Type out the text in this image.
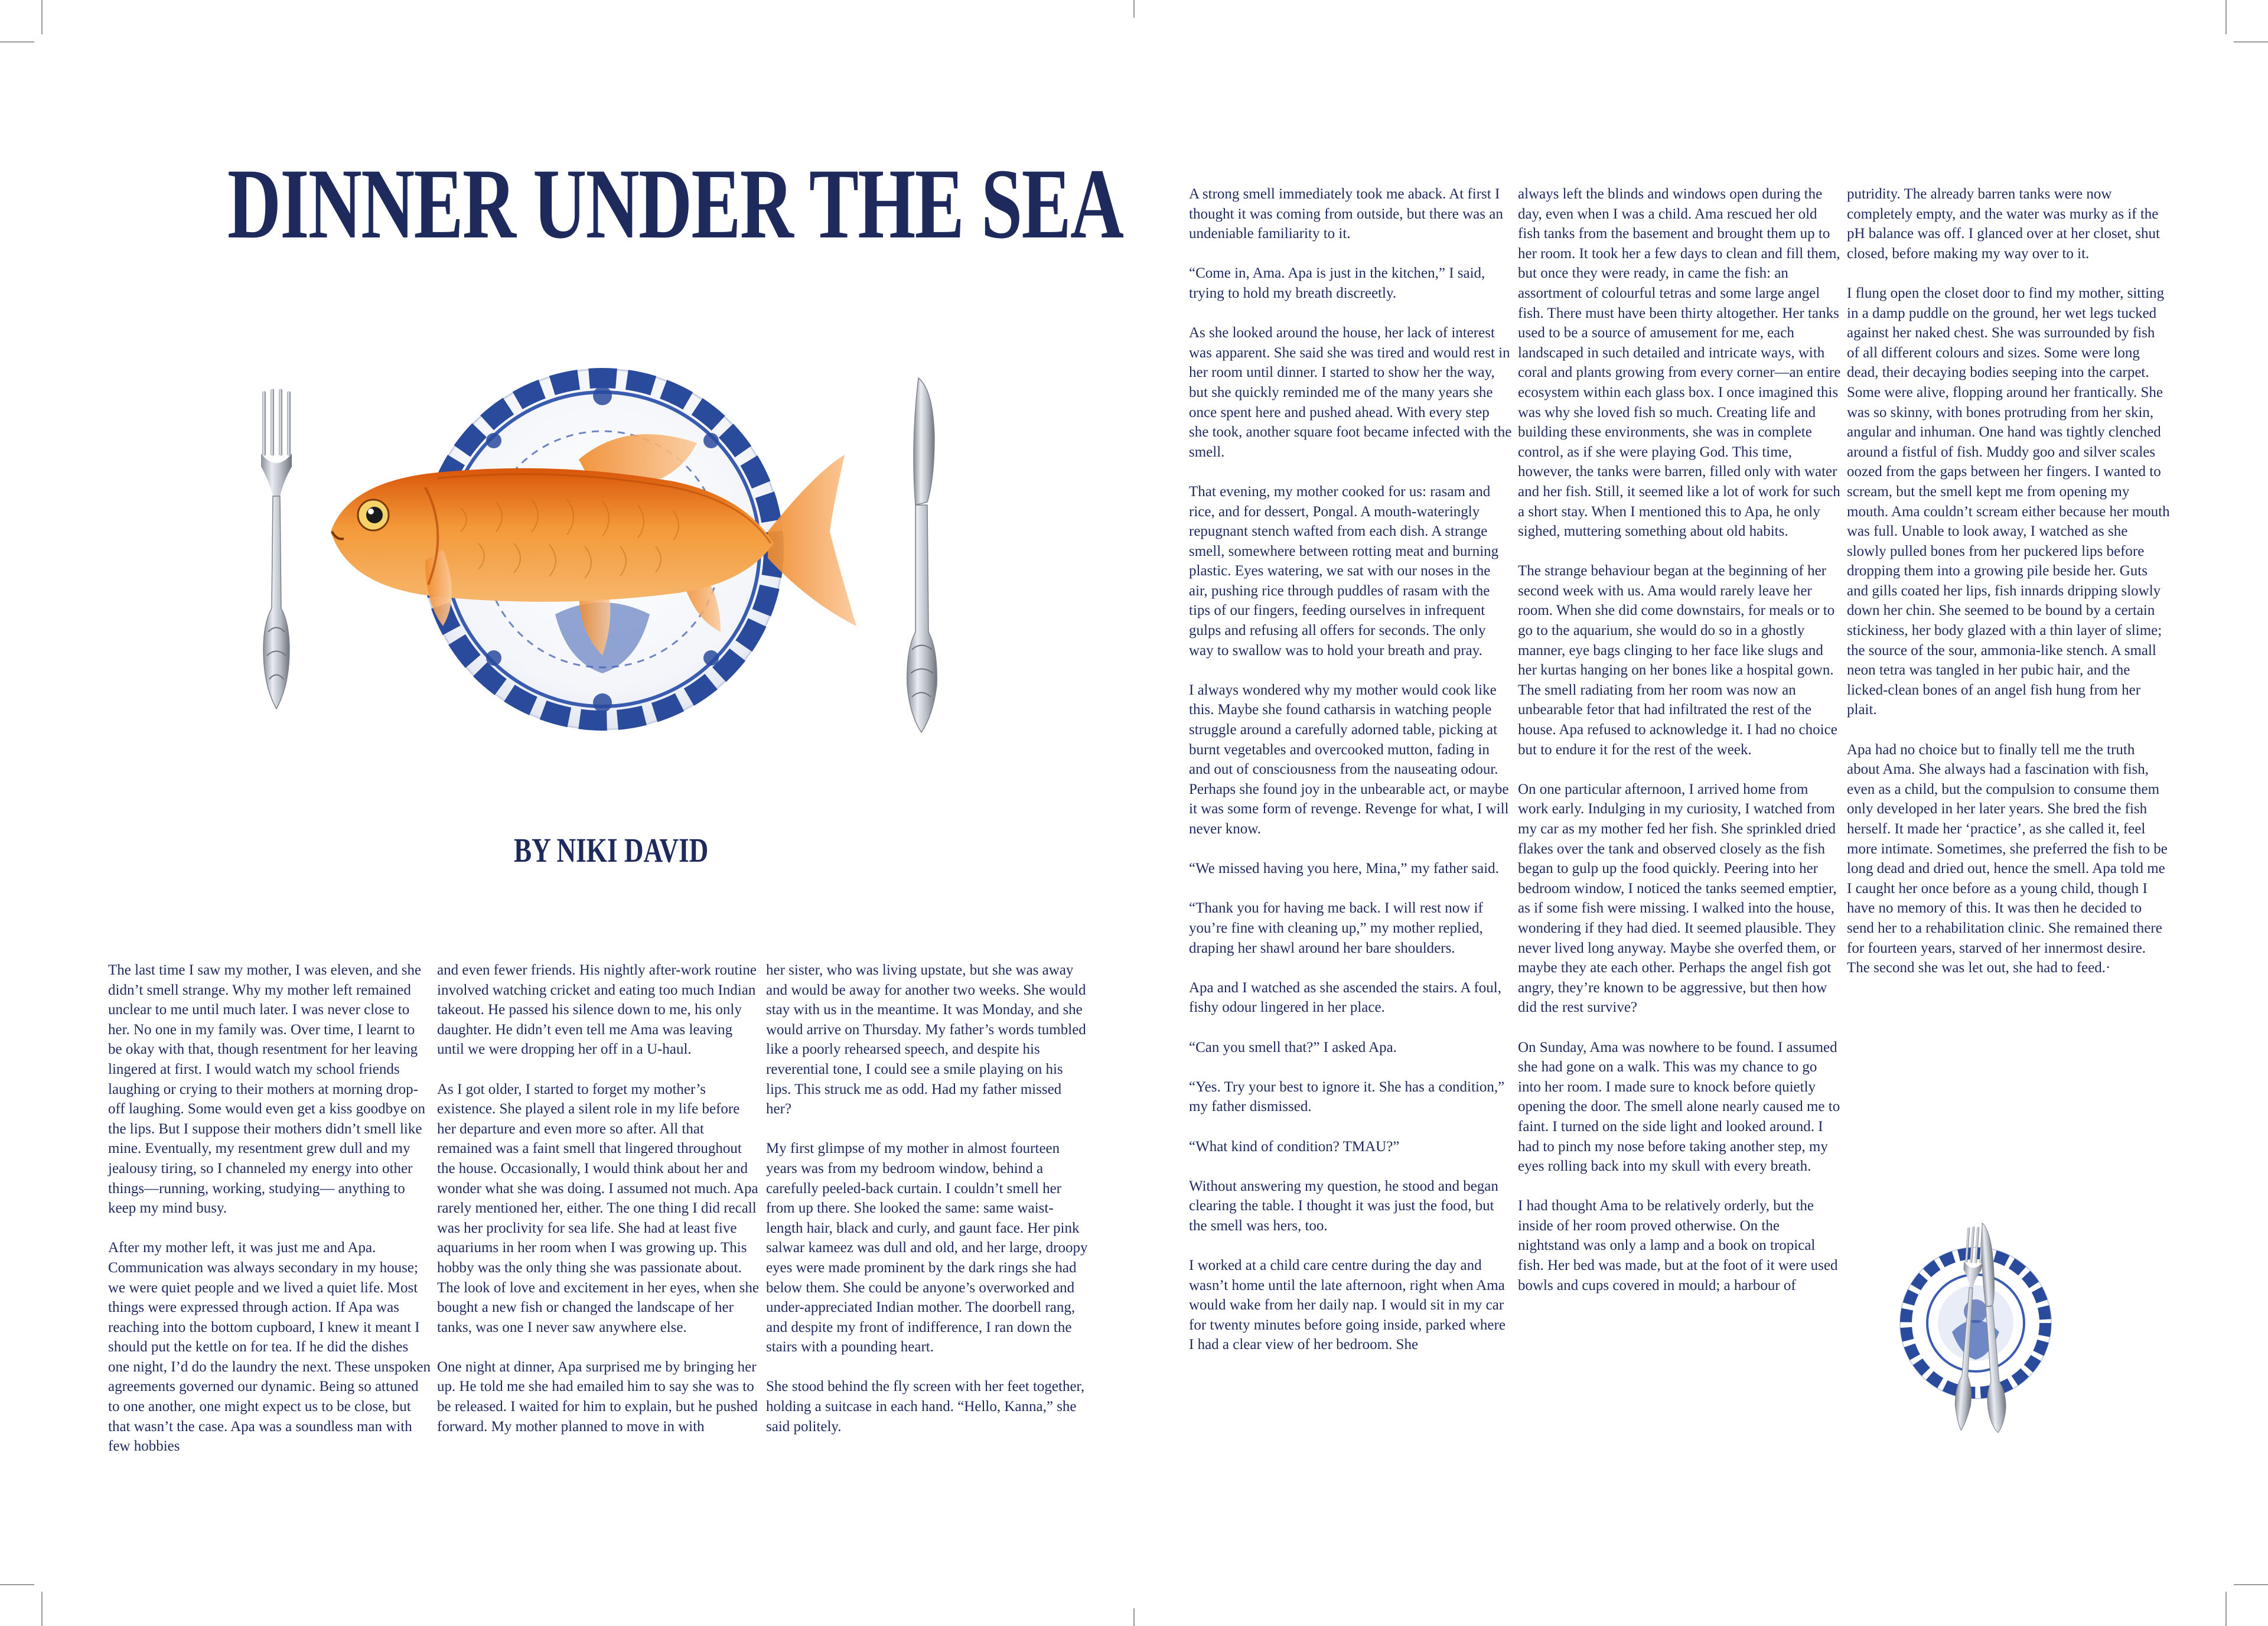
DINNER UNDER THE SEA
BY NIKI DAVID

The last time I saw my mother, I was eleven, and she didn’t smell strange. Why my mother left remained unclear to me until much later. I was never close to her. No one in my family was. Over time, I learnt to be okay with that, though resentment for her leaving lingered at first. I would watch my school friends laughing or crying to their mothers at morning drop-off laughing. Some would even get a kiss goodbye on the lips. But I suppose their mothers didn’t smell like mine. Eventually, my resentment grew dull and my jealousy tiring, so I channeled my energy into other things—running, working, studying— anything to keep my mind busy.

After my mother left, it was just me and Apa. Communication was always secondary in my house; we were quiet people and we lived a quiet life. Most things were expressed through action. If Apa was reaching into the bottom cupboard, I knew it meant I should put the kettle on for tea. If he did the dishes one night, I’d do the laundry the next. These unspoken agreements governed our dynamic. Being so attuned to one another, one might expect us to be close, but that wasn’t the case. Apa was a soundless man with few hobbies

and even fewer friends. His nightly after-work routine involved watching cricket and eating too much Indian takeout. He passed his silence down to me, his only daughter. He didn’t even tell me Ama was leaving until we were dropping her off in a U-haul.

As I got older, I started to forget my mother’s existence. She played a silent role in my life before her departure and even more so after. All that remained was a faint smell that lingered throughout the house. Occasionally, I would think about her and wonder what she was doing. I assumed not much. Apa rarely mentioned her, either. The one thing I did recall was her proclivity for sea life. She had at least five aquariums in her room when I was growing up. This hobby was the only thing she was passionate about. The look of love and excitement in her eyes, when she bought a new fish or changed the landscape of her tanks, was one I never saw anywhere else.

One night at dinner, Apa surprised me by bringing her up. He told me she had emailed him to say she was to be released. I waited for him to explain, but he pushed forward. My mother planned to move in with

her sister, who was living upstate, but she was away and would be away for another two weeks. She would stay with us in the meantime. It was Monday, and she would arrive on Thursday. My father’s words tumbled like a poorly rehearsed speech, and despite his reverential tone, I could see a smile playing on his lips. This struck me as odd. Had my father missed her?

My first glimpse of my mother in almost fourteen years was from my bedroom window, behind a carefully peeled-back curtain. I couldn’t smell her from up there. She looked the same: same waist-length hair, black and curly, and gaunt face. Her pink salwar kameez was dull and old, and her large, droopy eyes were made prominent by the dark rings she had below them. She could be anyone’s overworked and under-appreciated Indian mother. The doorbell rang, and despite my front of indifference, I ran down the stairs with a pounding heart.

She stood behind the fly screen with her feet together, holding a suitcase in each hand. “Hello, Kanna,” she said politely.

A strong smell immediately took me aback. At first I thought it was coming from outside, but there was an undeniable familiarity to it.

“Come in, Ama. Apa is just in the kitchen,” I said, trying to hold my breath discreetly.

As she looked around the house, her lack of interest was apparent. She said she was tired and would rest in her room until dinner. I started to show her the way, but she quickly reminded me of the many years she once spent here and pushed ahead. With every step she took, another square foot became infected with the smell.

That evening, my mother cooked for us: rasam and rice, and for dessert, Pongal. A mouth-wateringly repugnant stench wafted from each dish. A strange smell, somewhere between rotting meat and burning plastic. Eyes watering, we sat with our noses in the air, pushing rice through puddles of rasam with the tips of our fingers, feeding ourselves in infrequent gulps and refusing all offers for seconds. The only way to swallow was to hold your breath and pray.

I always wondered why my mother would cook like this. Maybe she found catharsis in watching people struggle around a carefully adorned table, picking at burnt vegetables and overcooked mutton, fading in and out of consciousness from the nauseating odour. Perhaps she found joy in the unbearable act, or maybe it was some form of revenge. Revenge for what, I will never know.

“We missed having you here, Mina,” my father said.

“Thank you for having me back. I will rest now if you’re fine with cleaning up,” my mother replied, draping her shawl around her bare shoulders.

Apa and I watched as she ascended the stairs. A foul, fishy odour lingered in her place.

“Can you smell that?” I asked Apa.

“Yes. Try your best to ignore it. She has a condition,” my father dismissed.

“What kind of condition? TMAU?”

Without answering my question, he stood and began clearing the table. I thought it was just the food, but the smell was hers, too.

I worked at a child care centre during the day and wasn’t home until the late afternoon, right when Ama would wake from her daily nap. I would sit in my car for twenty minutes before going inside, parked where I had a clear view of her bedroom. She

always left the blinds and windows open during the day, even when I was a child. Ama rescued her old fish tanks from the basement and brought them up to her room. It took her a few days to clean and fill them, but once they were ready, in came the fish: an assortment of colourful tetras and some large angel fish. There must have been thirty altogether. Her tanks used to be a source of amusement for me, each landscaped in such detailed and intricate ways, with coral and plants growing from every corner—an entire ecosystem within each glass box. I once imagined this was why she loved fish so much. Creating life and building these environments, she was in complete control, as if she were playing God. This time, however, the tanks were barren, filled only with water and her fish. Still, it seemed like a lot of work for such a short stay. When I mentioned this to Apa, he only sighed, muttering something about old habits.

The strange behaviour began at the beginning of her second week with us. Ama would rarely leave her room. When she did come downstairs, for meals or to go to the aquarium, she would do so in a ghostly manner, eye bags clinging to her face like slugs and her kurtas hanging on her bones like a hospital gown. The smell radiating from her room was now an unbearable fetor that had infiltrated the rest of the house. Apa refused to acknowledge it. I had no choice but to endure it for the rest of the week.

On one particular afternoon, I arrived home from work early. Indulging in my curiosity, I watched from my car as my mother fed her fish. She sprinkled dried flakes over the tank and observed closely as the fish began to gulp up the food quickly. Peering into her bedroom window, I noticed the tanks seemed emptier, as if some fish were missing. I walked into the house, wondering if they had died. It seemed plausible. They never lived long anyway. Maybe she overfed them, or maybe they ate each other. Perhaps the angel fish got angry, they’re known to be aggressive, but then how did the rest survive?

On Sunday, Ama was nowhere to be found. I assumed she had gone on a walk. This was my chance to go into her room. I made sure to knock before quietly opening the door. The smell alone nearly caused me to faint. I turned on the side light and looked around. I had to pinch my nose before taking another step, my eyes rolling back into my skull with every breath.

I had thought Ama to be relatively orderly, but the inside of her room proved otherwise. On the nightstand was only a lamp and a book on tropical fish. Her bed was made, but at the foot of it were used bowls and cups covered in mould; a harbour of

putridity. The already barren tanks were now completely empty, and the water was murky as if the pH balance was off. I glanced over at her closet, shut closed, before making my way over to it.

I flung open the closet door to find my mother, sitting in a damp puddle on the ground, her wet legs tucked against her naked chest. She was surrounded by fish of all different colours and sizes. Some were long dead, their decaying bodies seeping into the carpet. Some were alive, flopping around her frantically. She was so skinny, with bones protruding from her skin, angular and inhuman. One hand was tightly clenched around a fistful of fish. Muddy goo and silver scales oozed from the gaps between her fingers. I wanted to scream, but the smell kept me from opening my mouth. Ama couldn’t scream either because her mouth was full. Unable to look away, I watched as she slowly pulled bones from her puckered lips before dropping them into a growing pile beside her. Guts and gills coated her lips, fish innards dripping slowly down her chin. She seemed to be bound by a certain stickiness, her body glazed with a thin layer of slime; the source of the sour, ammonia-like stench. A small neon tetra was tangled in her pubic hair, and the licked-clean bones of an angel fish hung from her plait.

Apa had no choice but to finally tell me the truth about Ama. She always had a fascination with fish, even as a child, but the compulsion to consume them only developed in her later years. She bred the fish herself. It made her ‘practice’, as she called it, feel more intimate. Sometimes, she preferred the fish to be long dead and dried out, hence the smell. Apa told me I caught her once before as a young child, though I have no memory of this. It was then he decided to send her to a rehabilitation clinic. She remained there for fourteen years, starved of her innermost desire. The second she was let out, she had to feed.·
